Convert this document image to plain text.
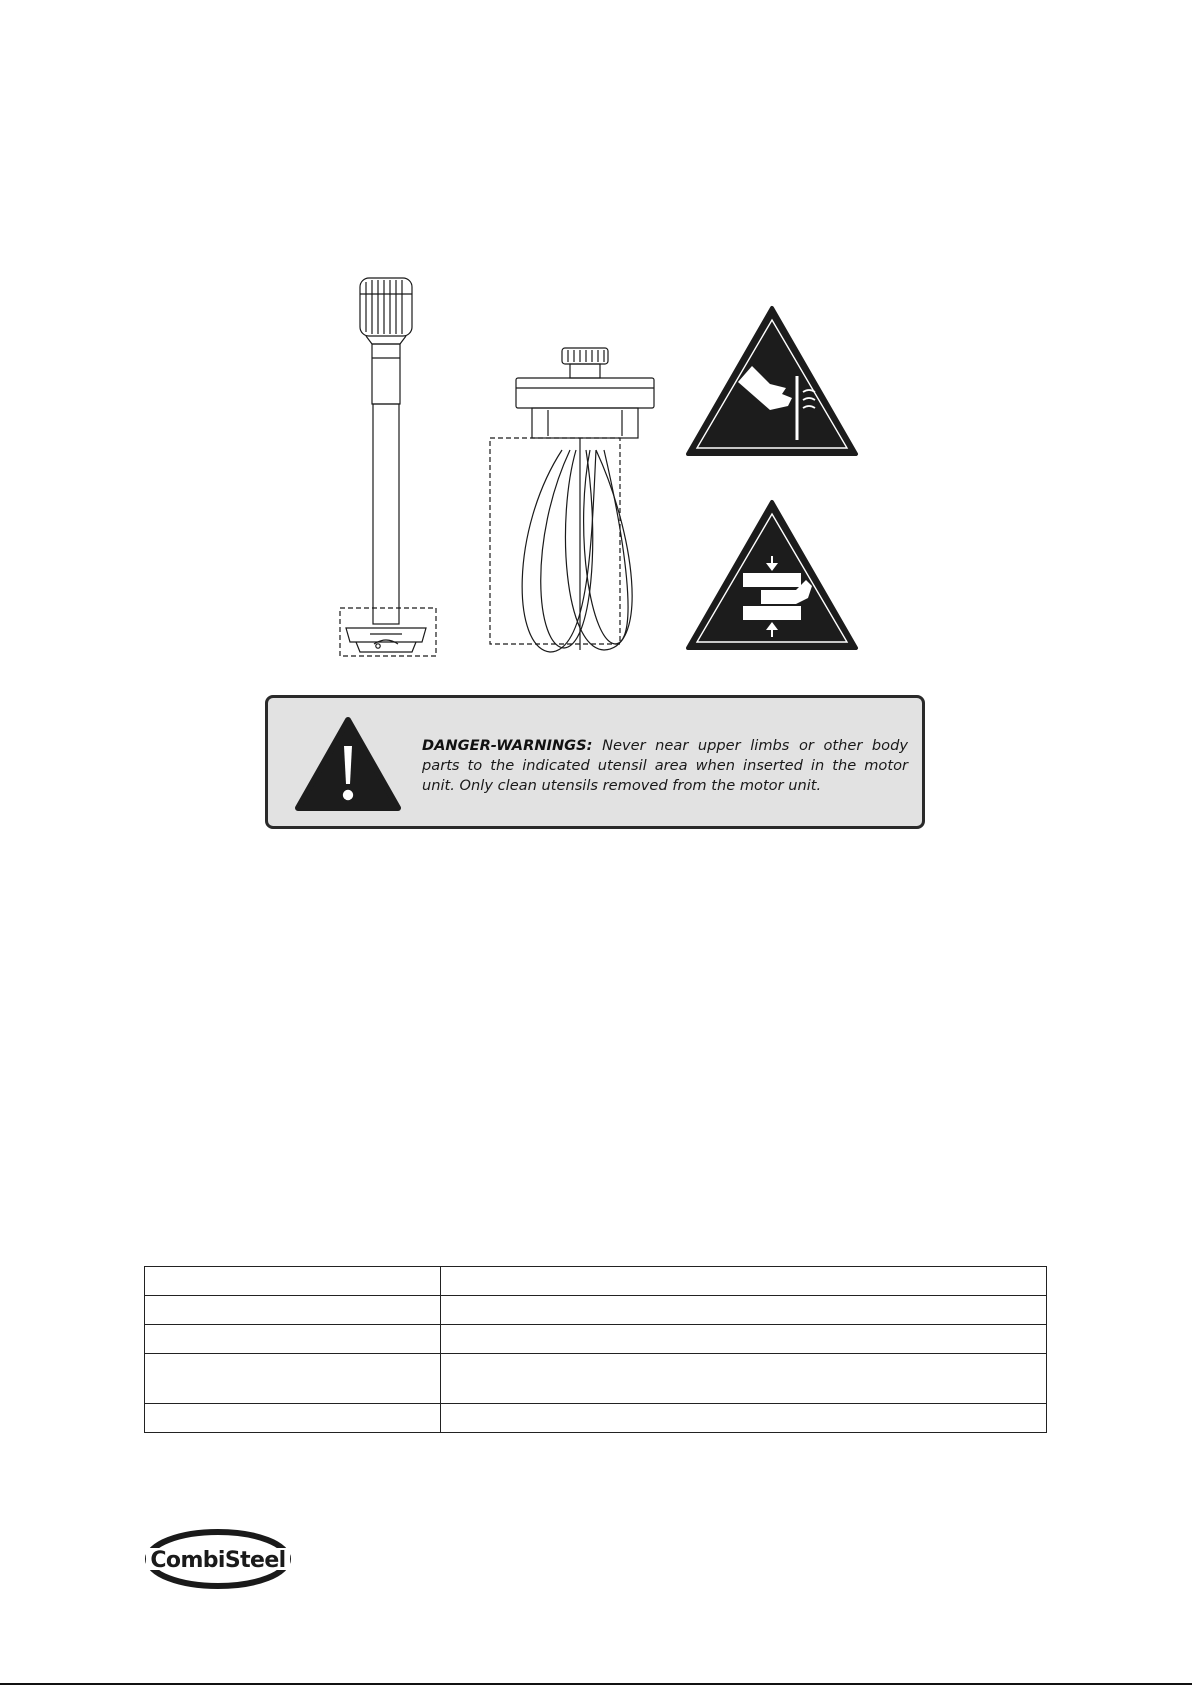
DANGER-WARNINGS: Never near upper limbs or other body parts to the indicated utensil area when inserted in the motor unit. Only clean utensils removed from the motor unit.

CombiSteel
